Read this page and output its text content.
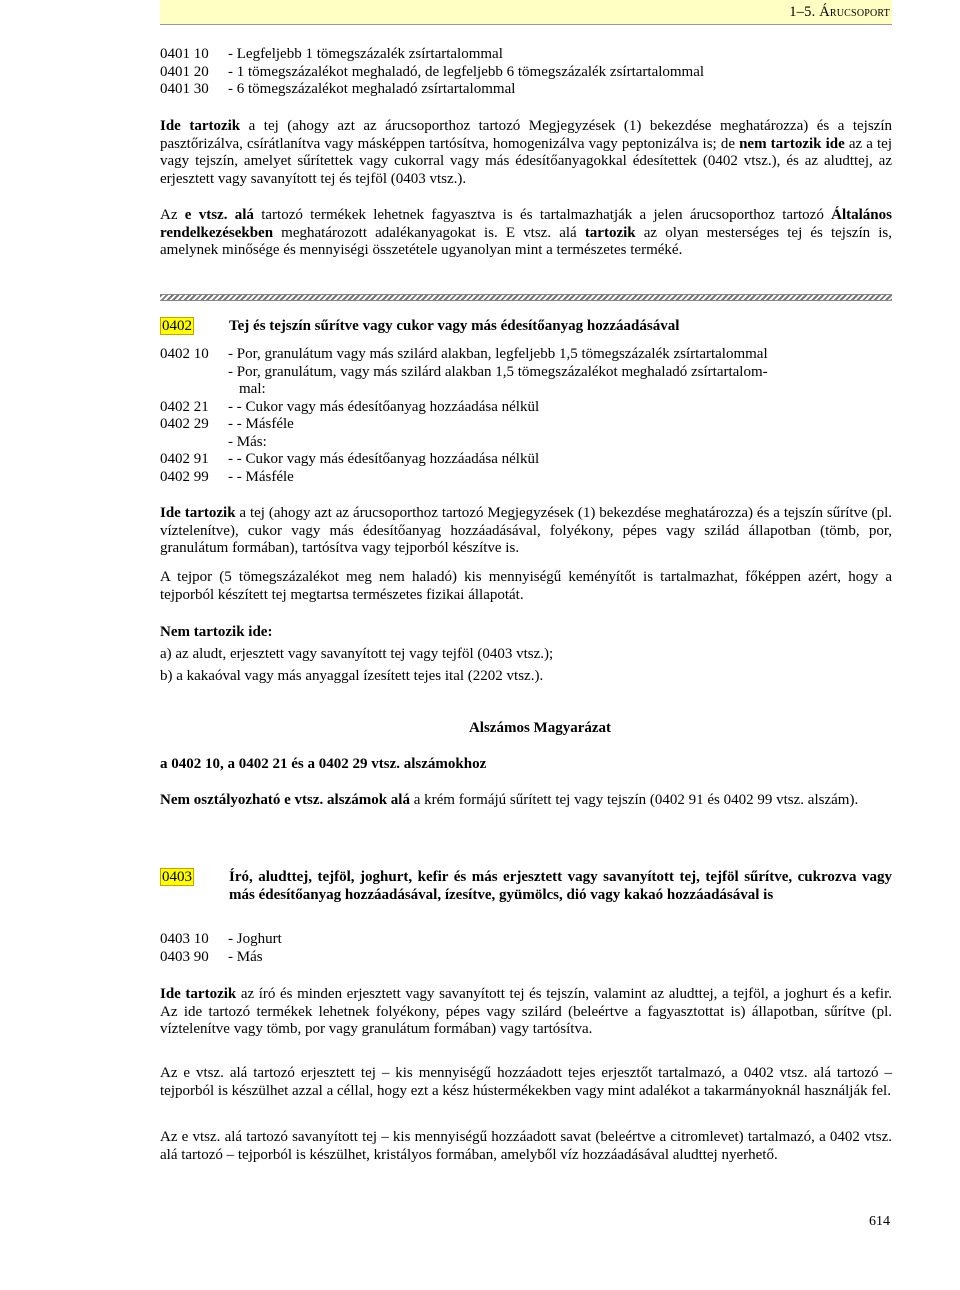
1–5. Árucsoport
0401 10 - Legfeljebb 1 tömegszázalék zsírtartalommal
0401 20 - 1 tömegszázalékot meghaladó, de legfeljebb 6 tömegszázalék zsírtartalommal
0401 30 - 6 tömegszázalékot meghaladó zsírtartalommal

Ide tartozik a tej (ahogy azt az árucsoporthoz tartozó Megjegyzések (1) bekezdése meghatározza) és a tejszín pasztőrizálva, csírátlanítva vagy másképpen tartósítva, homogenizálva vagy peptonizálva is; de nem tartozik ide az a tej vagy tejszín, amelyet sűrítettek vagy cukorral vagy más édesítőanyagokkal édesítettek (0402 vtsz.), és az aludttej, az erjesztett vagy savanyított tej és tejföl (0403 vtsz.).

Az e vtsz. alá tartozó termékek lehetnek fagyasztva is és tartalmazhatják a jelen árucsoporthoz tartozó Általános rendelkezésekben meghatározott adalékanyagokat is. E vtsz. alá tartozik az olyan mesterséges tej és tejszín is, amelynek minősége és mennyiségi összetétele ugyanolyan mint a természetes terméké.

0402	Tej és tejszín sűrítve vagy cukor vagy más édesítőanyag hozzáadásával
0402 10 - Por, granulátum vagy más szilárd alakban, legfeljebb 1,5 tömegszázalék zsírtartalommal
- Por, granulátum, vagy más szilárd alakban 1,5 tömegszázalékot meghaladó zsírtartalom-
mal:
0402 21 - - Cukor vagy más édesítőanyag hozzáadása nélkül
0402 29 - - Másféle
- Más:
0402 91 - - Cukor vagy más édesítőanyag hozzáadása nélkül
0402 99 - - Másféle

Ide tartozik a tej (ahogy azt az árucsoporthoz tartozó Megjegyzések (1) bekezdése meghatározza) és a tejszín sűrítve (pl. víztelenítve), cukor vagy más édesítőanyag hozzáadásával, folyékony, pépes vagy szilád állapotban (tömb, por, granulátum formában), tartósítva vagy tejporból készítve is.

A tejpor (5 tömegszázalékot meg nem haladó) kis mennyiségű keményítőt is tartalmazhat, főképpen azért, hogy a tejporból készített tej megtartsa természetes fizikai állapotát.

Nem tartozik ide:
a) az aludt, erjesztett vagy savanyított tej vagy tejföl (0403 vtsz.);
b) a kakaóval vagy más anyaggal ízesített tejes ital (2202 vtsz.).
Alszámos Magyarázat
a 0402 10, a 0402 21 és a 0402 29 vtsz. alszámokhoz

Nem osztályozható e vtsz. alszámok alá a krém formájú sűrített tej vagy tejszín (0402 91 és 0402 99 vtsz. alszám).

0403	Író, aludttej, tejföl, joghurt, kefir és más erjesztett vagy savanyított tej, tejföl sűrítve, cukrozva vagy más édesítőanyag hozzáadásával, ízesítve, gyümölcs, dió vagy kakaó hozzáadásával is
0403 10 - Joghurt
0403 90 - Más

Ide tartozik az író és minden erjesztett vagy savanyított tej és tejszín, valamint az aludttej, a tejföl, a joghurt és a kefir. Az ide tartozó termékek lehetnek folyékony, pépes vagy szilárd (beleértve a fagyasztottat is) állapotban, sűrítve (pl. víztelenítve vagy tömb, por vagy granulátum formában) vagy tartósítva.

Az e vtsz. alá tartozó erjesztett tej – kis mennyiségű hozzáadott tejes erjesztőt tartalmazó, a 0402 vtsz. alá tartozó – tejporból is készülhet azzal a céllal, hogy ezt a kész hústermékekben vagy mint adalékot a takarmányoknál használják fel.

Az e vtsz. alá tartozó savanyított tej – kis mennyiségű hozzáadott savat (beleértve a citromlevet) tartalmazó, a 0402 vtsz. alá tartozó – tejporból is készülhet, kristályos formában, amelyből víz hozzáadásával aludttej nyerhető.

614
